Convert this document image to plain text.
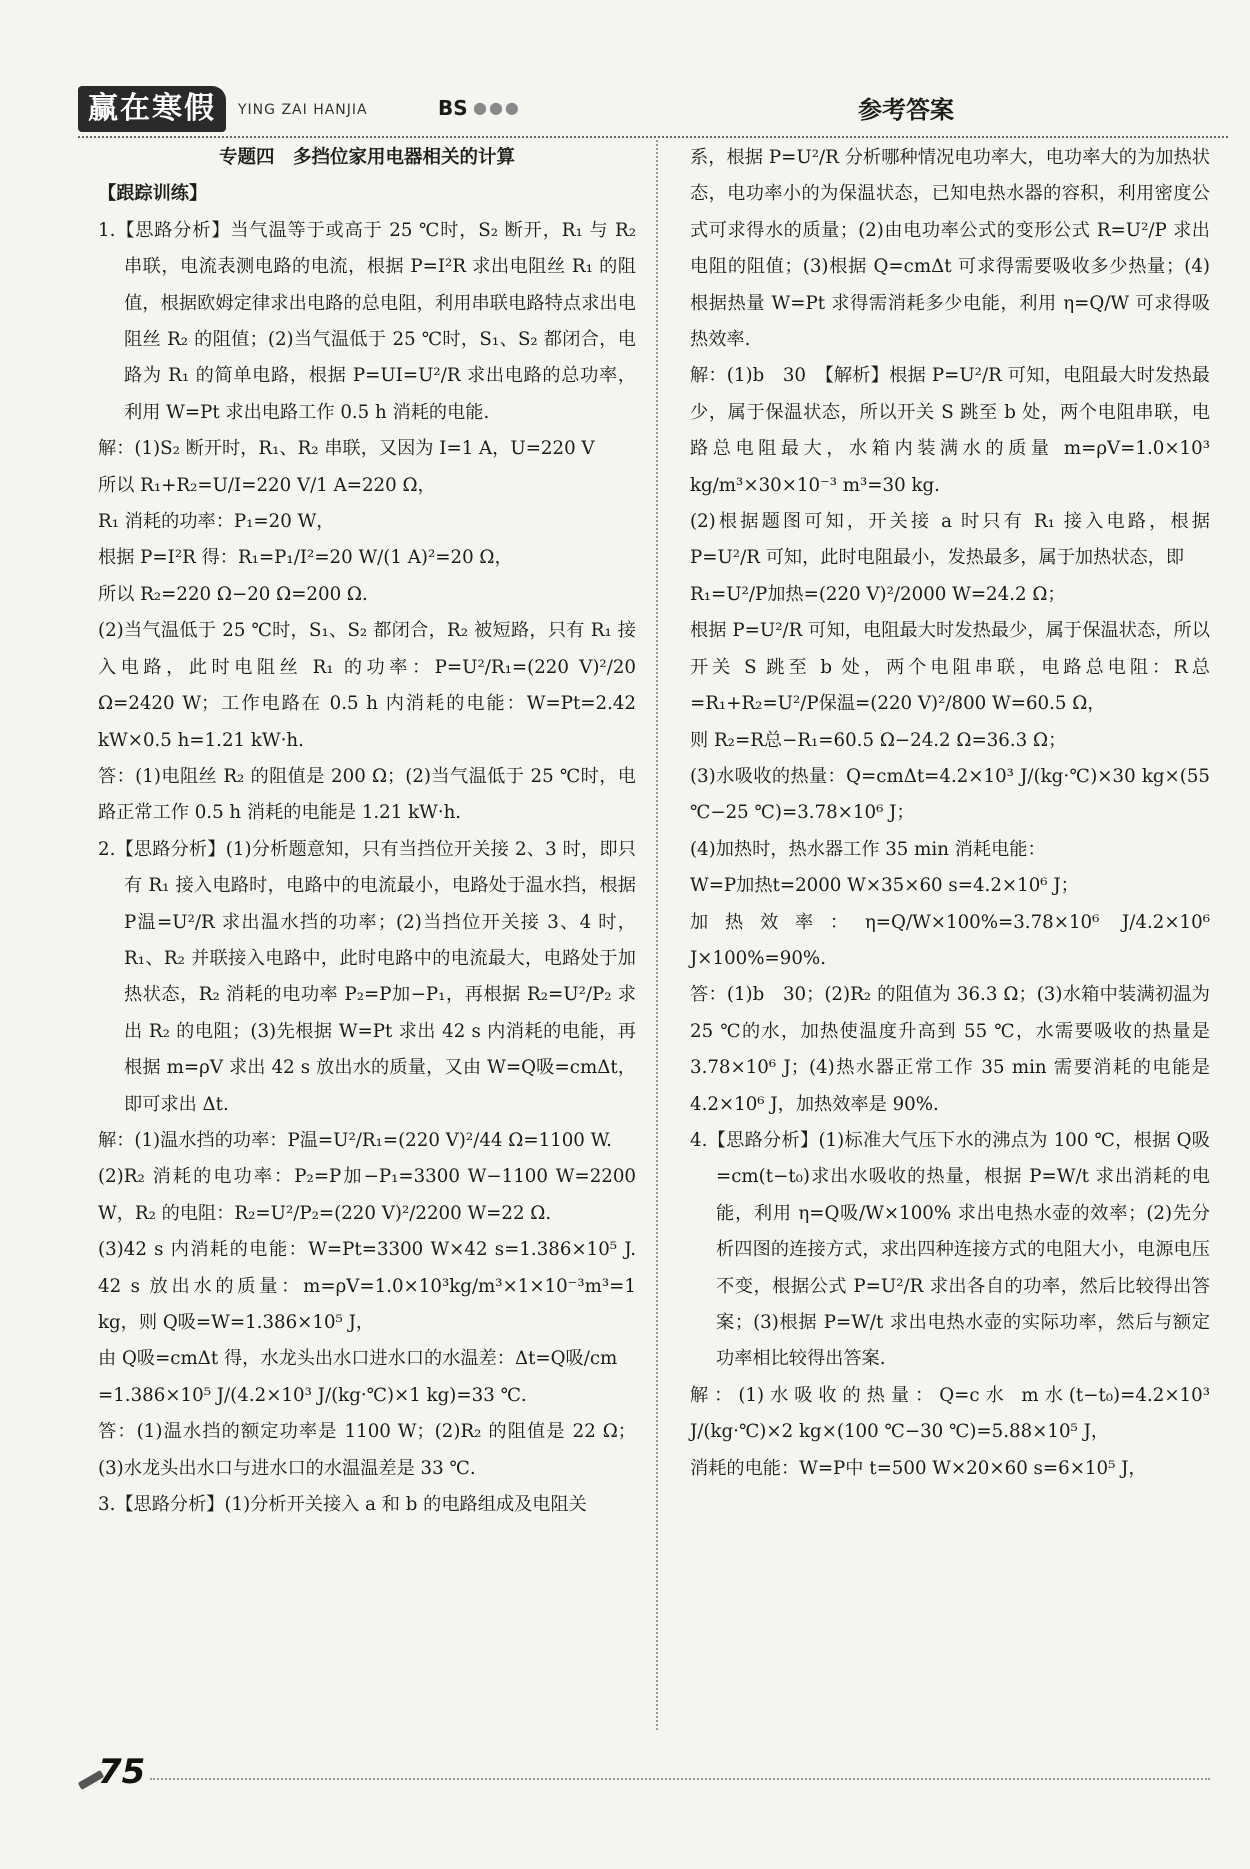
赢在寒假	YING ZAI HANJIA	BS ●●●	参考答案
专题四　多挡位家用电器相关的计算
【跟踪训练】

1.【思路分析】当气温等于或高于 25 ℃时，S₂ 断开，R₁ 与 R₂ 串联，电流表测电路的电流，根据 P=I²R 求出电阻丝 R₁ 的阻值，根据欧姆定律求出电路的总电阻，利用串联电路特点求出电阻丝 R₂ 的阻值；(2)当气温低于 25 ℃时，S₁、S₂ 都闭合，电路为 R₁ 的简单电路，根据 P=UI=U²/R 求出电路的总功率，利用 W=Pt 求出电路工作 0.5 h 消耗的电能.

解：(1)S₂ 断开时，R₁、R₂ 串联，又因为 I=1 A，U=220 V

所以 R₁+R₂=U/I=220 V/1 A=220 Ω，

R₁ 消耗的功率：P₁=20 W，

根据 P=I²R 得：R₁=P₁/I²=20 W/(1 A)²=20 Ω，

所以 R₂=220 Ω−20 Ω=200 Ω.

(2)当气温低于 25 ℃时，S₁、S₂ 都闭合，R₂ 被短路，只有 R₁ 接入电路，此时电阻丝 R₁ 的功率：P=U²/R₁=(220 V)²/20 Ω=2420 W；工作电路在 0.5 h 内消耗的电能：W=Pt=2.42 kW×0.5 h=1.21 kW·h.

答：(1)电阻丝 R₂ 的阻值是 200 Ω；(2)当气温低于 25 ℃时，电路正常工作 0.5 h 消耗的电能是 1.21 kW·h.

2.【思路分析】(1)分析题意知，只有当挡位开关接 2、3 时，即只有 R₁ 接入电路时，电路中的电流最小，电路处于温水挡，根据 P温=U²/R 求出温水挡的功率；(2)当挡位开关接 3、4 时，R₁、R₂ 并联接入电路中，此时电路中的电流最大，电路处于加热状态，R₂ 消耗的电功率 P₂=P加−P₁，再根据 R₂=U²/P₂ 求出 R₂ 的电阻；(3)先根据 W=Pt 求出 42 s 内消耗的电能，再根据 m=ρV 求出 42 s 放出水的质量，又由 W=Q吸=cmΔt，即可求出 Δt.

解：(1)温水挡的功率：P温=U²/R₁=(220 V)²/44 Ω=1100 W.

(2)R₂ 消耗的电功率：P₂=P加−P₁=3300 W−1100 W=2200 W，R₂ 的电阻：R₂=U²/P₂=(220 V)²/2200 W=22 Ω.

(3)42 s 内消耗的电能：W=Pt=3300 W×42 s=1.386×10⁵ J. 42 s 放出水的质量：m=ρV=1.0×10³kg/m³×1×10⁻³m³=1 kg，则 Q吸=W=1.386×10⁵ J，

由 Q吸=cmΔt 得，水龙头出水口进水口的水温差：Δt=Q吸/cm

=1.386×10⁵ J/(4.2×10³ J/(kg·℃)×1 kg)=33 ℃.

答：(1)温水挡的额定功率是 1100 W；(2)R₂ 的阻值是 22 Ω；(3)水龙头出水口与进水口的水温温差是 33 ℃.

3.【思路分析】(1)分析开关接入 a 和 b 的电路组成及电阻关

系，根据 P=U²/R 分析哪种情况电功率大，电功率大的为加热状态，电功率小的为保温状态，已知电热水器的容积，利用密度公式可求得水的质量；(2)由电功率公式的变形公式 R=U²/P 求出电阻的阻值；(3)根据 Q=cmΔt 可求得需要吸收多少热量；(4)根据热量 W=Pt 求得需消耗多少电能，利用 η=Q/W 可求得吸热效率.

解：(1)b　30　【解析】根据 P=U²/R 可知，电阻最大时发热最少，属于保温状态，所以开关 S 跳至 b 处，两个电阻串联，电路总电阻最大，水箱内装满水的质量 m=ρV=1.0×10³ kg/m³×30×10⁻³ m³=30 kg.

(2)根据题图可知，开关接 a 时只有 R₁ 接入电路，根据 P=U²/R 可知，此时电阻最小，发热最多，属于加热状态，即

R₁=U²/P加热=(220 V)²/2000 W=24.2 Ω；

根据 P=U²/R 可知，电阻最大时发热最少，属于保温状态，所以开关 S 跳至 b 处，两个电阻串联，电路总电阻：R总=R₁+R₂=U²/P保温=(220 V)²/800 W=60.5 Ω，

则 R₂=R总−R₁=60.5 Ω−24.2 Ω=36.3 Ω；

(3)水吸收的热量：Q=cmΔt=4.2×10³ J/(kg·℃)×30 kg×(55 ℃−25 ℃)=3.78×10⁶ J；

(4)加热时，热水器工作 35 min 消耗电能：

W=P加热t=2000 W×35×60 s=4.2×10⁶ J；

加热效率：η=Q/W×100%=3.78×10⁶ J/4.2×10⁶ J×100%=90%.

答：(1)b　30；(2)R₂ 的阻值为 36.3 Ω；(3)水箱中装满初温为 25 ℃的水，加热使温度升高到 55 ℃，水需要吸收的热量是 3.78×10⁶ J；(4)热水器正常工作 35 min 需要消耗的电能是 4.2×10⁶ J，加热效率是 90%.

4.【思路分析】(1)标准大气压下水的沸点为 100 ℃，根据 Q吸=cm(t−t₀)求出水吸收的热量，根据 P=W/t 求出消耗的电能，利用 η=Q吸/W×100% 求出电热水壶的效率；(2)先分析四图的连接方式，求出四种连接方式的电阻大小，电源电压不变，根据公式 P=U²/R 求出各自的功率，然后比较得出答案；(3)根据 P=W/t 求出电热水壶的实际功率，然后与额定功率相比较得出答案.

解：(1)水吸收的热量：Q=c水 m水(t−t₀)=4.2×10³ J/(kg·℃)×2 kg×(100 ℃−30 ℃)=5.88×10⁵ J，

消耗的电能：W=P中 t=500 W×20×60 s=6×10⁵ J，

75
